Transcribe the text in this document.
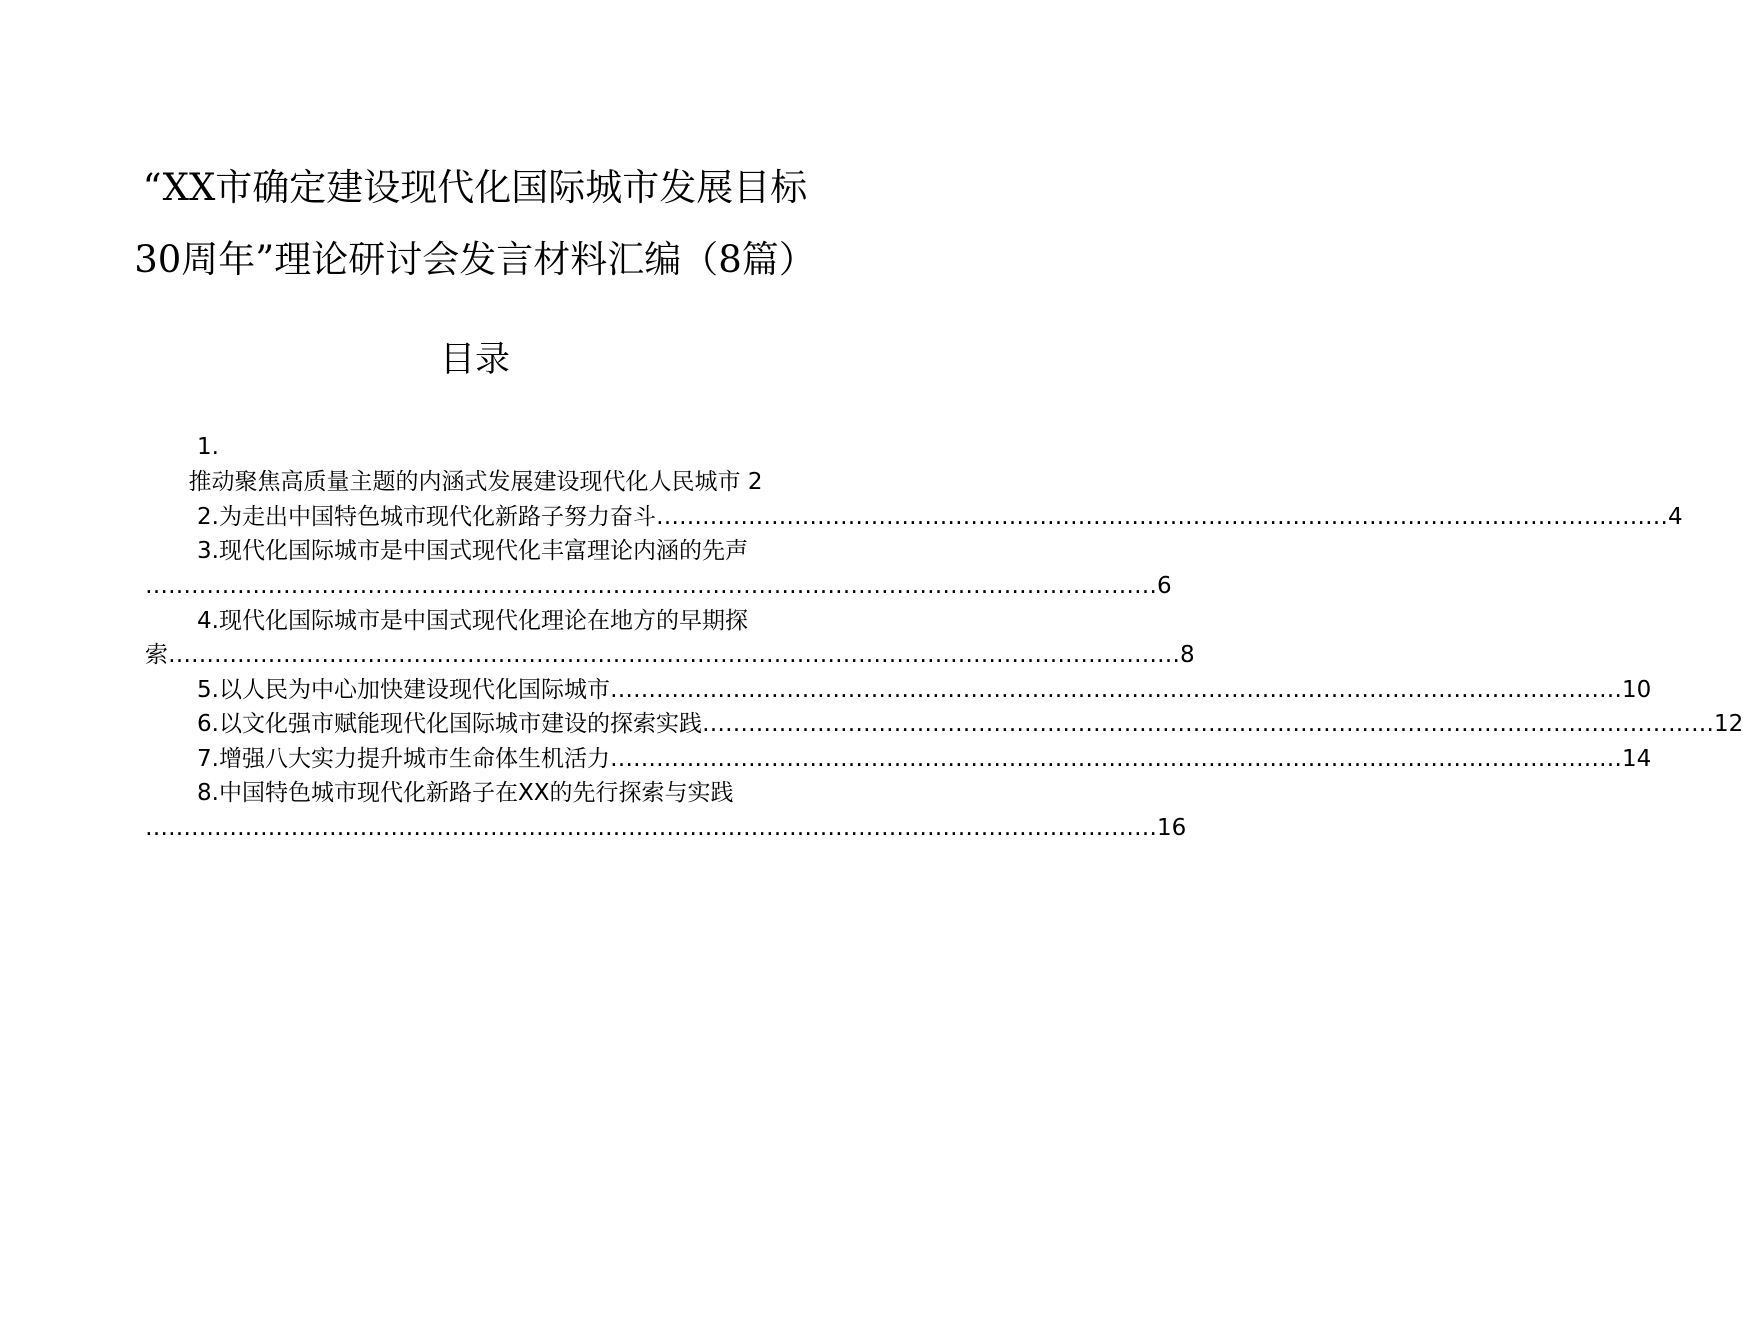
“XX市确定建设现代化国际城市发展目标
30周年”理论研讨会发言材料汇编（8篇）
目录
1.
推动聚焦高质量主题的内涵式发展建设现代化人民城市 2
2.为走出中国特色城市现代化新路子努力奋斗 …………………………………………………………………………………………………………………… 4
3.现代化国际城市是中国式现代化丰富理论内涵的先声
…………………………………………………………………………………………………………………… 6
4.现代化国际城市是中国式现代化理论在地方的早期探
索 …………………………………………………………………………………………………………………… 8
5.以人民为中心加快建设现代化国际城市 …………………………………………………………………………………………………………………… 10
6.以文化强市赋能现代化国际城市建设的探索实践 …………………………………………………………………………………………………………………… 12
7.增强八大实力提升城市生命体生机活力 …………………………………………………………………………………………………………………… 14
8.中国特色城市现代化新路子在XX的先行探索与实践
…………………………………………………………………………………………………………………… 16
